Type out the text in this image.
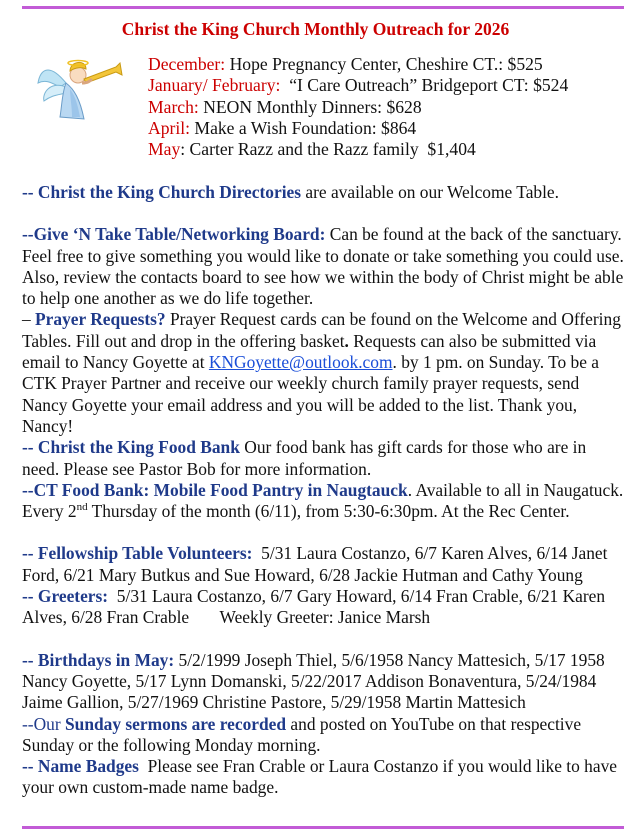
Christ the King Church Monthly Outreach for 2026
December: Hope Pregnancy Center, Cheshire CT.: $525
January/ February:  “I Care Outreach” Bridgeport CT: $524
March: NEON Monthly Dinners: $628
April: Make a Wish Foundation: $864
May: Carter Razz and the Razz family  $1,404

-- Christ the King Church Directories are available on our Welcome Table.

--Give ‘N Take Table/Networking Board: Can be found at the back of the sanctuary. Feel free to give something you would like to donate or take something you could use. Also, review the contacts board to see how we within the body of Christ might be able to help one another as we do life together.

– Prayer Requests? Prayer Request cards can be found on the Welcome and Offering Tables. Fill out and drop in the offering basket. Requests can also be submitted via email to Nancy Goyette at KNGoyette@outlook.com. by 1 pm. on Sunday. To be a CTK Prayer Partner and receive our weekly church family prayer requests, send Nancy Goyette your email address and you will be added to the list. Thank you, Nancy!

-- Christ the King Food Bank Our food bank has gift cards for those who are in need. Please see Pastor Bob for more information.

--CT Food Bank: Mobile Food Pantry in Naugtauck. Available to all in Naugatuck. Every 2nd Thursday of the month (6/11), from 5:30-6:30pm. At the Rec Center.

-- Fellowship Table Volunteers:  5/31 Laura Costanzo, 6/7 Karen Alves, 6/14 Janet Ford, 6/21 Mary Butkus and Sue Howard, 6/28 Jackie Hutman and Cathy Young

-- Greeters:  5/31 Laura Costanzo, 6/7 Gary Howard, 6/14 Fran Crable, 6/21 Karen Alves, 6/28 Fran Crable       Weekly Greeter: Janice Marsh

-- Birthdays in May: 5/2/1999 Joseph Thiel, 5/6/1958 Nancy Mattesich, 5/17 1958 Nancy Goyette, 5/17 Lynn Domanski, 5/22/2017 Addison Bonaventura, 5/24/1984 Jaime Gallion, 5/27/1969 Christine Pastore, 5/29/1958 Martin Mattesich

--Our Sunday sermons are recorded and posted on YouTube on that respective Sunday or the following Monday morning.

-- Name Badges  Please see Fran Crable or Laura Costanzo if you would like to have your own custom-made name badge.
